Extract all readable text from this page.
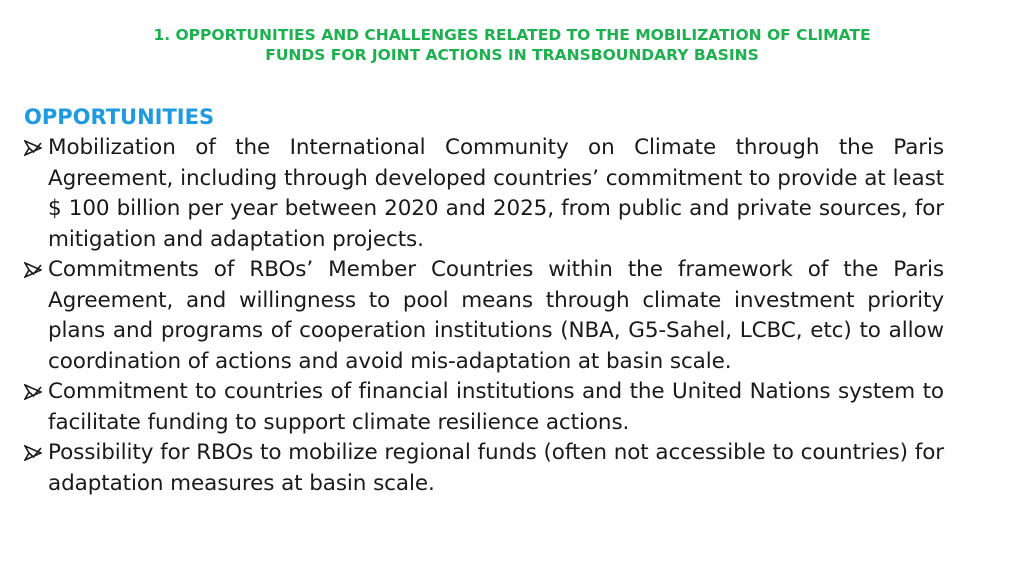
1. OPPORTUNITIES AND CHALLENGES RELATED TO THE MOBILIZATION OF CLIMATE
FUNDS FOR JOINT ACTIONS IN TRANSBOUNDARY BASINS
OPPORTUNITIES
Mobilization of the International Community on Climate through the Paris Agreement, including through developed countries’ commitment to provide at least $ 100 billion per year between 2020 and 2025, from public and private sources, for mitigation and adaptation projects.
Commitments of RBOs’ Member Countries within the framework of the Paris Agreement, and willingness to pool means through climate investment priority plans and programs of cooperation institutions (NBA, G5-Sahel, LCBC, etc) to allow coordination of actions and avoid mis-adaptation at basin scale.
Commitment to countries of financial institutions and the United Nations system to facilitate funding to support climate resilience actions.
Possibility for RBOs to mobilize regional funds (often not accessible to countries) for adaptation measures at basin scale.
